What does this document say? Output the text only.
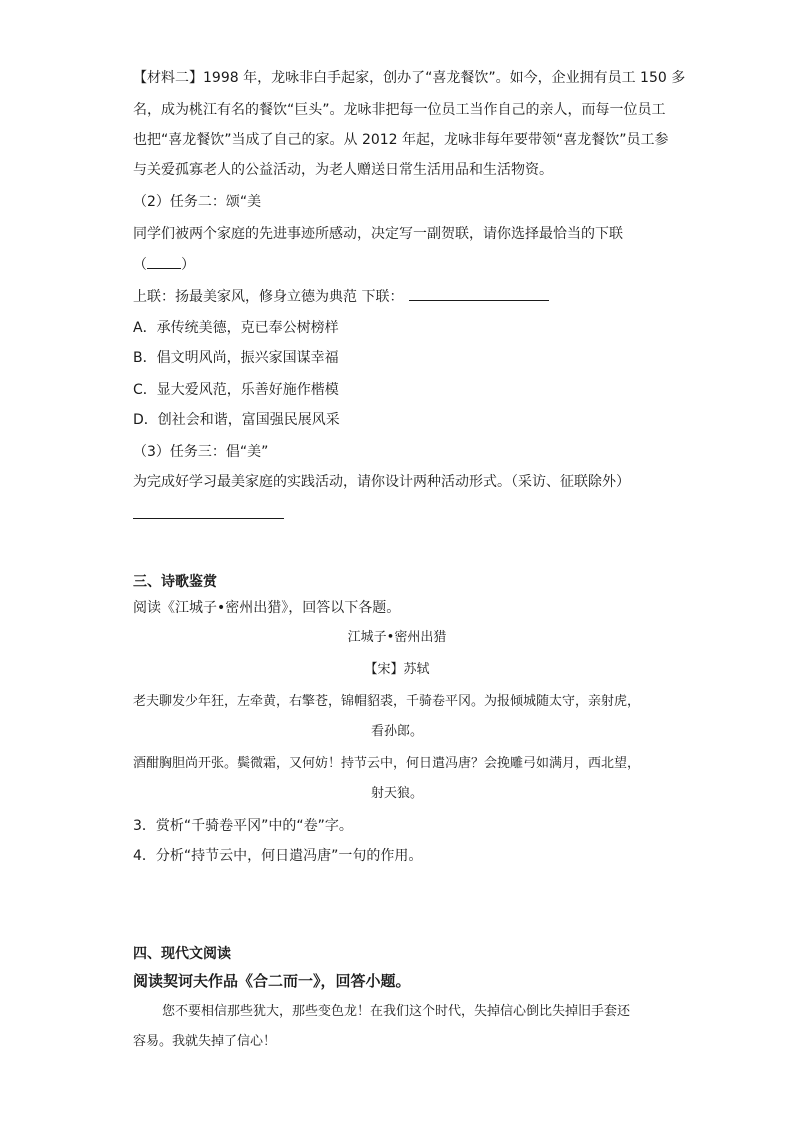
【材料二】1998 年，龙咏非白手起家，创办了“喜龙餐饮”。如今，企业拥有员工 150 多
名，成为桃江有名的餐饮“巨头”。龙咏非把每一位员工当作自己的亲人，而每一位员工
也把“喜龙餐饮”当成了自己的家。从 2012 年起，龙咏非每年要带领“喜龙餐饮”员工参
与关爱孤寡老人的公益活动，为老人赠送日常生活用品和生活物资。
（2）任务二：颂“美
同学们被两个家庭的先进事迹所感动，决定写一副贺联，请你选择最恰当的下联
（ ）
上联：扬最美家风，修身立德为典范 下联：
A．承传统美德，克已奉公树榜样
B．倡文明风尚，振兴家国谋幸福
C．显大爱风范，乐善好施作楷模
D．创社会和谐，富国强民展风采
（3）任务三：倡“美”
为完成好学习最美家庭的实践活动，请你设计两种活动形式。（采访、征联除外）
三、诗歌鉴赏
阅读《江城子•密州出猎》，回答以下各题。
江城子•密州出猎
【宋】苏轼
老夫聊发少年狂，左牵黄，右擎苍，锦帽貂裘，千骑卷平冈。为报倾城随太守，亲射虎，
看孙郎。
酒酣胸胆尚开张。鬓微霜，又何妨！持节云中，何日遣冯唐？会挽雕弓如满月，西北望，
射天狼。
3．赏析“千骑卷平冈”中的“卷”字。
4．分析“持节云中，何日遣冯唐”一句的作用。
四、现代文阅读
阅读契诃夫作品《合二而一》，回答小题。
您不要相信那些犹大，那些变色龙！在我们这个时代，失掉信心倒比失掉旧手套还
容易。我就失掉了信心！
